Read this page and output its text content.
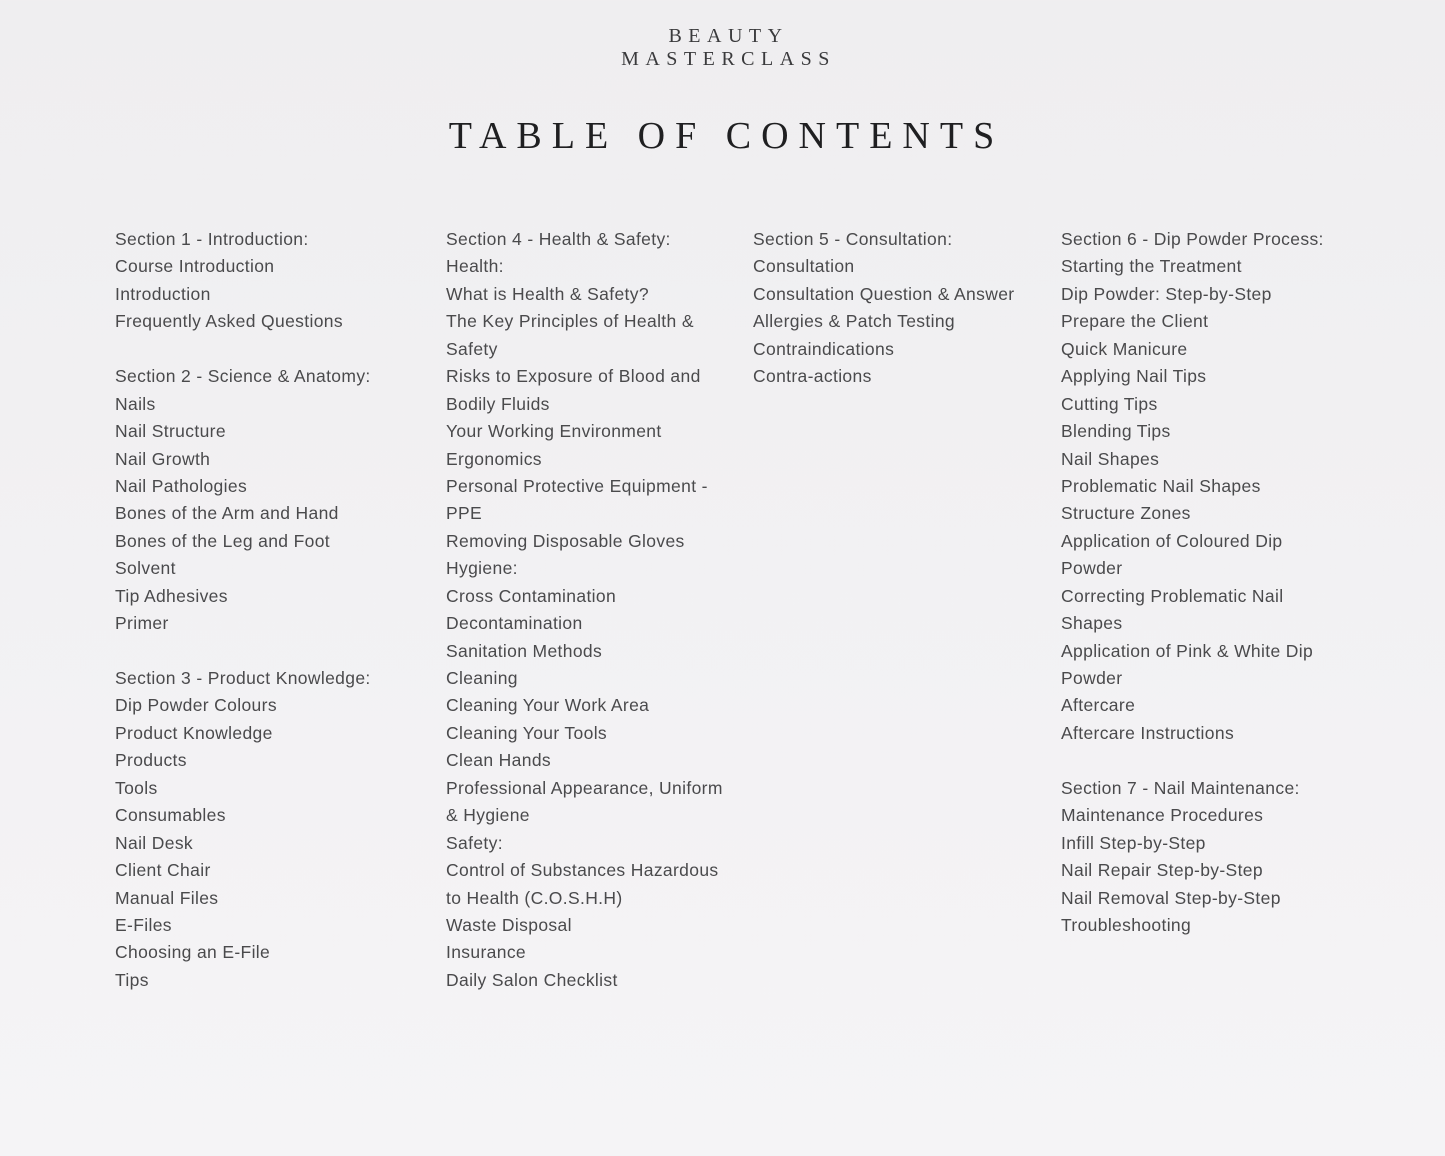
BEAUTY
MASTERCLASS
TABLE OF CONTENTS
Section 1 - Introduction:
Course Introduction
Introduction
Frequently Asked Questions
Section 2 - Science & Anatomy:
Nails
Nail Structure
Nail Growth
Nail Pathologies
Bones of the Arm and Hand
Bones of the Leg and Foot
Solvent
Tip Adhesives
Primer
Section 3 - Product Knowledge:
Dip Powder Colours
Product Knowledge
Products
Tools
Consumables
Nail Desk
Client Chair
Manual Files
E-Files
Choosing an E-File
Tips
Section 4 - Health & Safety:
Health:
What is Health & Safety?
The Key Principles of Health &
Safety
Risks to Exposure of Blood and
Bodily Fluids
Your Working Environment
Ergonomics
Personal Protective Equipment -
PPE
Removing Disposable Gloves
Hygiene:
Cross Contamination
Decontamination
Sanitation Methods
Cleaning
Cleaning Your Work Area
Cleaning Your Tools
Clean Hands
Professional Appearance, Uniform
& Hygiene
Safety:
Control of Substances Hazardous
to Health (C.O.S.H.H)
Waste Disposal
Insurance
Daily Salon Checklist
Section 5 - Consultation:
Consultation
Consultation Question & Answer
Allergies & Patch Testing
Contraindications
Contra-actions
Section 6 - Dip Powder Process:
Starting the Treatment
Dip Powder: Step-by-Step
Prepare the Client
Quick Manicure
Applying Nail Tips
Cutting Tips
Blending Tips
Nail Shapes
Problematic Nail Shapes
Structure Zones
Application of Coloured Dip
Powder
Correcting Problematic Nail
Shapes
Application of Pink & White Dip
Powder
Aftercare
Aftercare Instructions
Section 7 - Nail Maintenance:
Maintenance Procedures
Infill Step-by-Step
Nail Repair Step-by-Step
Nail Removal Step-by-Step
Troubleshooting
